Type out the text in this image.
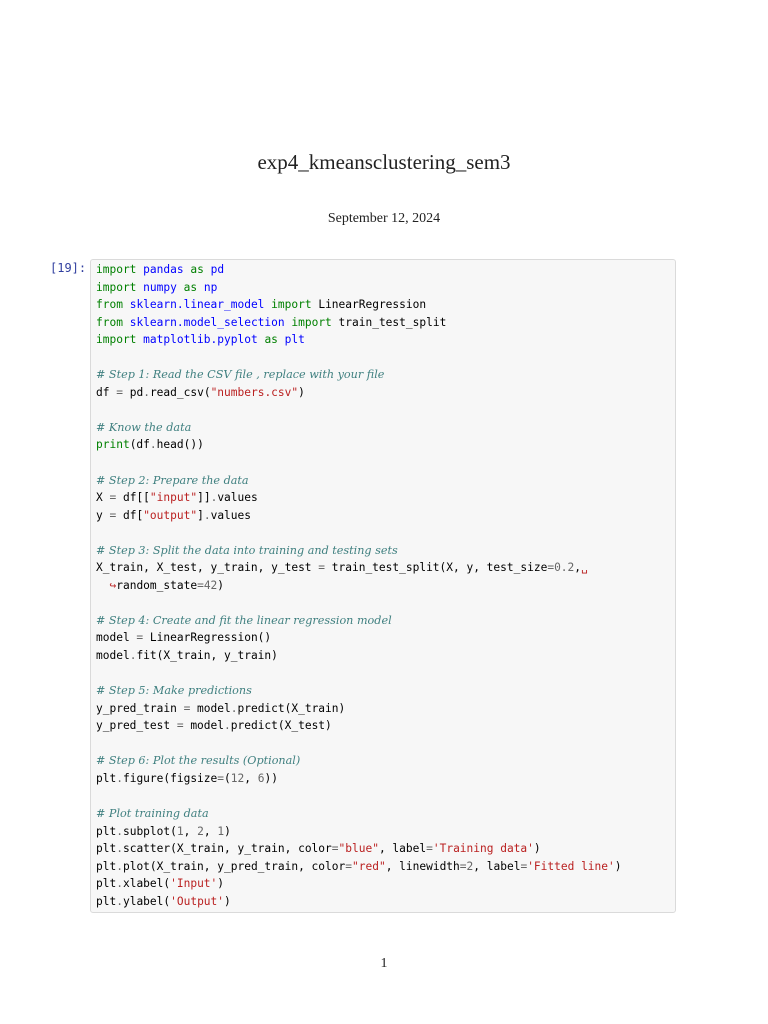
exp4_kmeansclustering_sem3
September 12, 2024
[19]: import pandas as pd
import numpy as np
from sklearn.linear_model import LinearRegression
from sklearn.model_selection import train_test_split
import matplotlib.pyplot as plt

# Step 1: Read the CSV file , replace with your file
df = pd.read_csv("numbers.csv")

# Know the data
print(df.head())

# Step 2: Prepare the data
X = df[["input"]].values
y = df["output"].values

# Step 3: Split the data into training and testing sets
X_train, X_test, y_train, y_test = train_test_split(X, y, test_size=0.2,␣
↪random_state=42)

# Step 4: Create and fit the linear regression model
model = LinearRegression()
model.fit(X_train, y_train)

# Step 5: Make predictions
y_pred_train = model.predict(X_train)
y_pred_test = model.predict(X_test)

# Step 6: Plot the results (Optional)
plt.figure(figsize=(12, 6))

# Plot training data
plt.subplot(1, 2, 1)
plt.scatter(X_train, y_train, color="blue", label='Training data')
plt.plot(X_train, y_pred_train, color="red", linewidth=2, label='Fitted line')
plt.xlabel('Input')
plt.ylabel('Output')
1
